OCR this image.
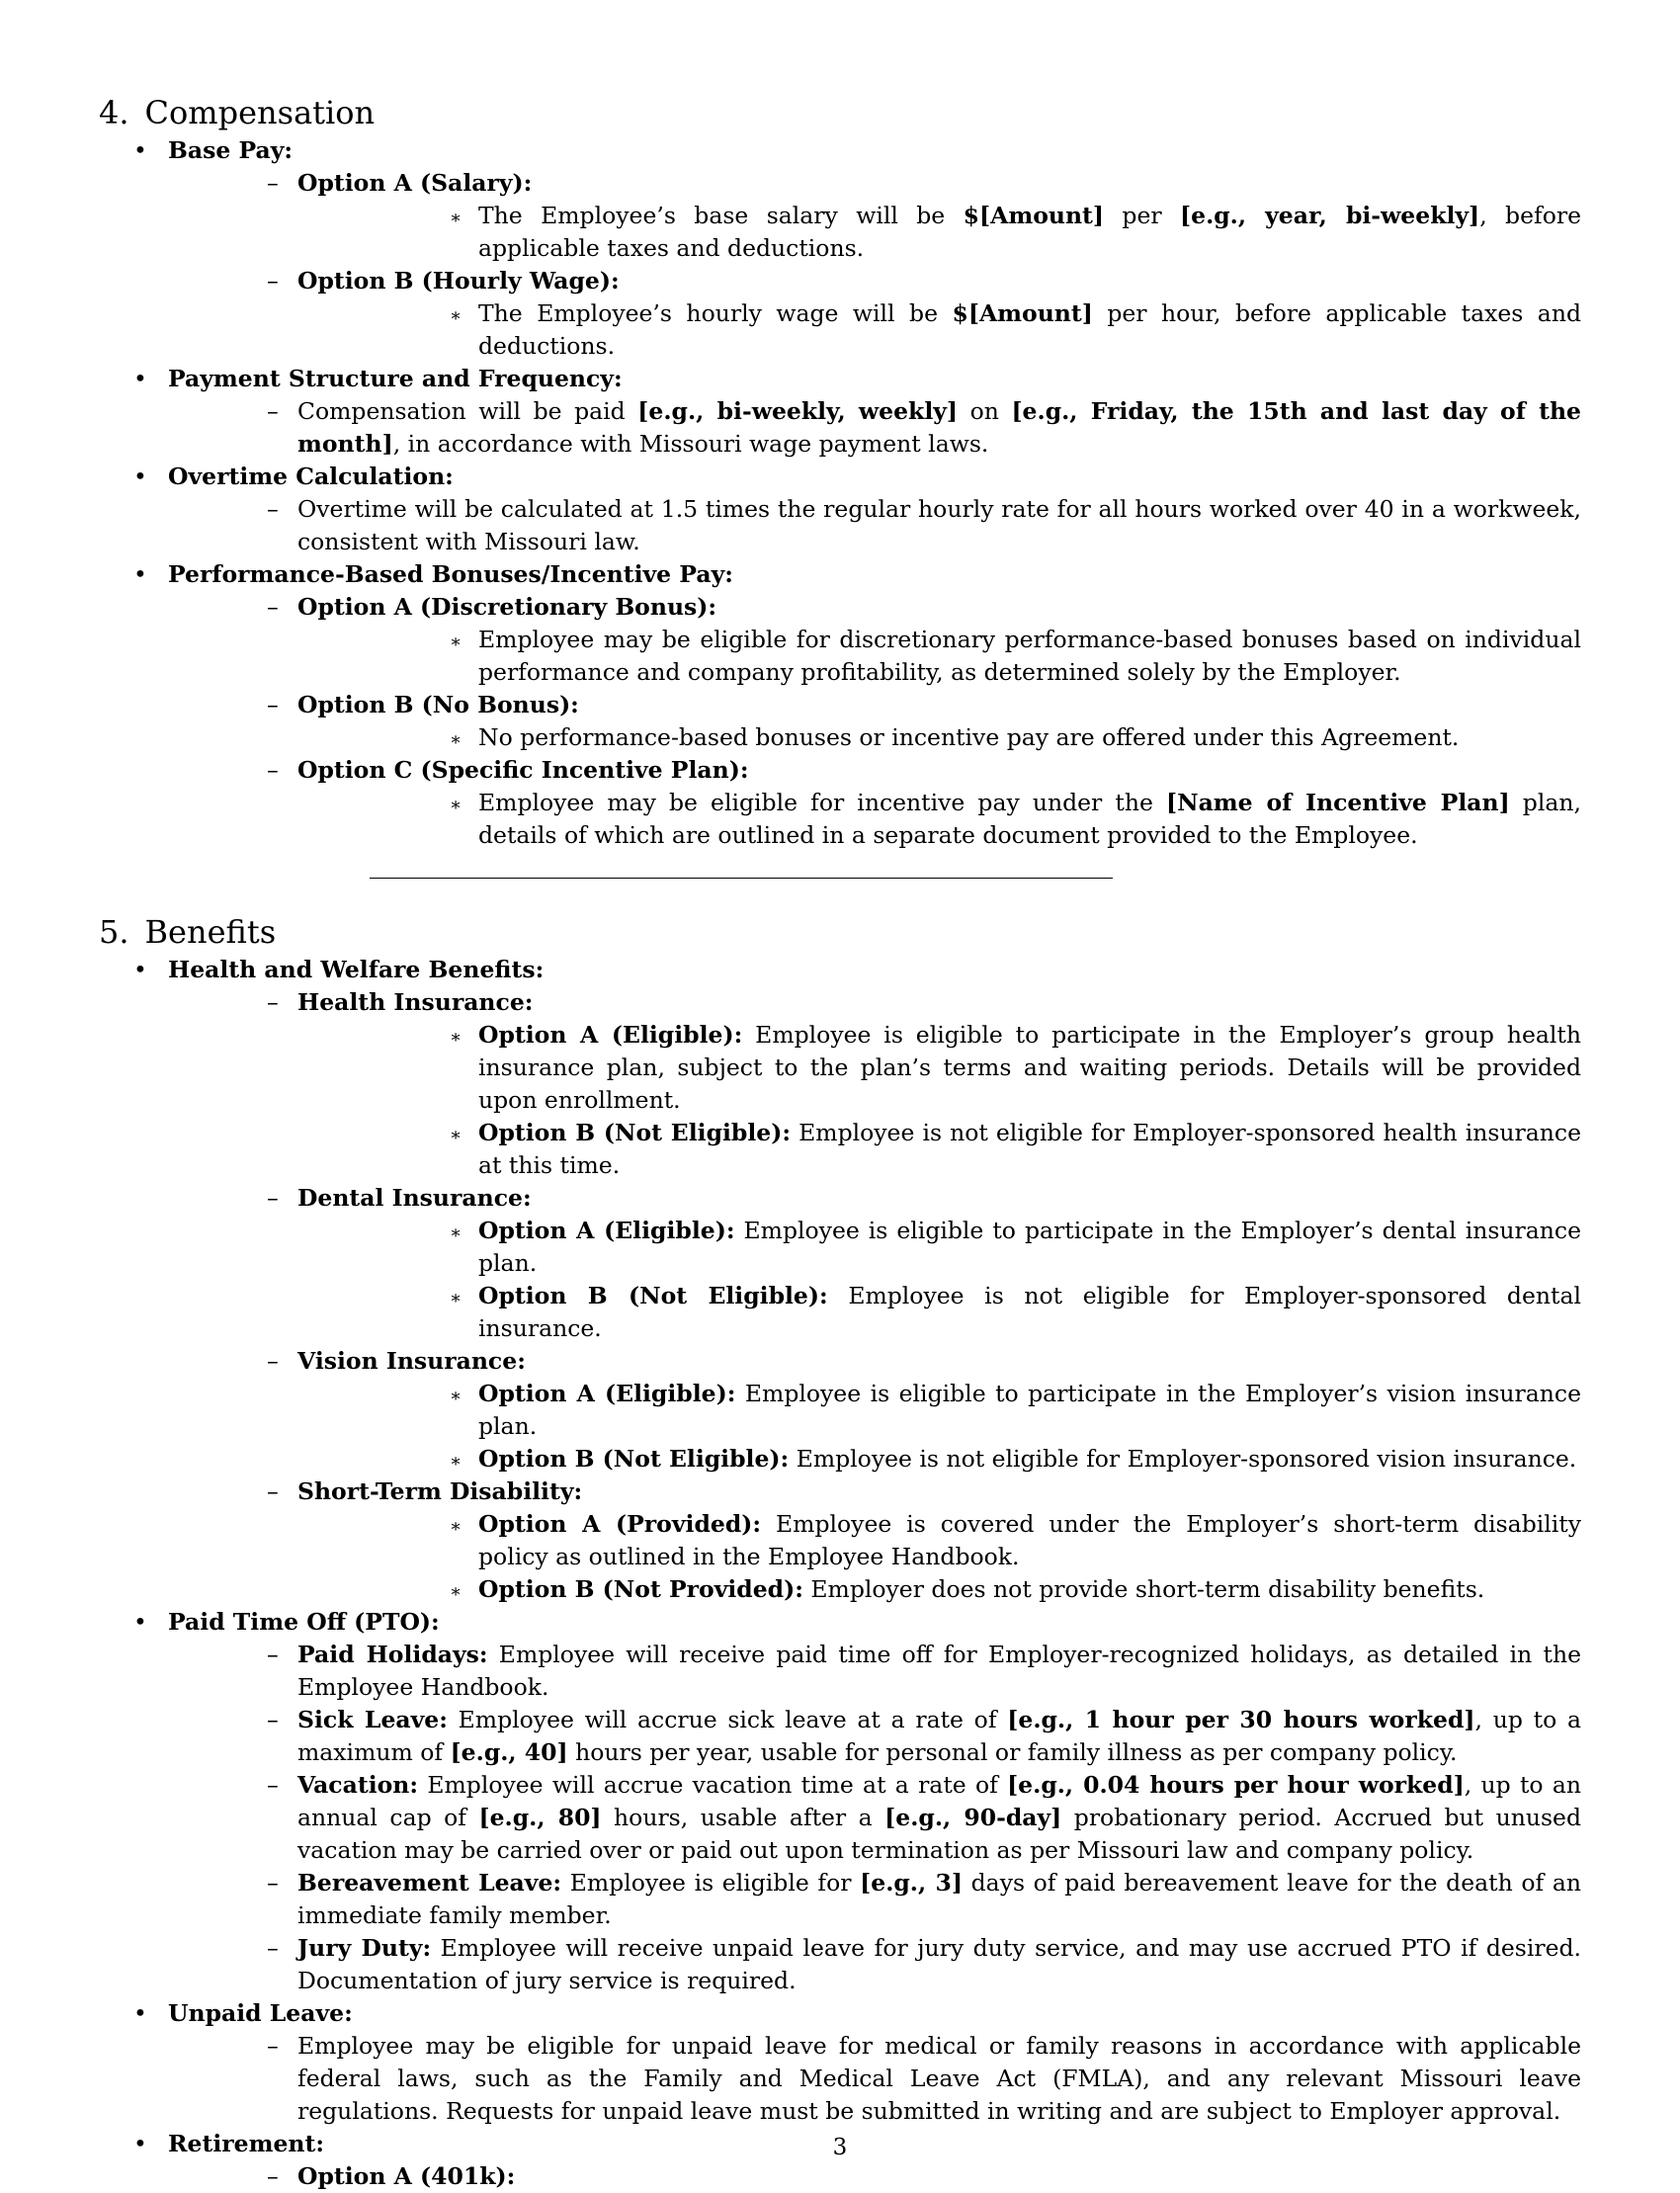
4. Compensation
• Base Pay:
– Option A (Salary):
∗ The Employee’s base salary will be $[Amount] per [e.g., year, bi-weekly], before applicable taxes and deductions.
– Option B (Hourly Wage):
∗ The Employee’s hourly wage will be $[Amount] per hour, before applicable taxes and deductions.
• Payment Structure and Frequency:
– Compensation will be paid [e.g., bi-weekly, weekly] on [e.g., Friday, the 15th and last day of the month], in accordance with Missouri wage payment laws.
• Overtime Calculation:
– Overtime will be calculated at 1.5 times the regular hourly rate for all hours worked over 40 in a workweek, consistent with Missouri law.
• Performance-Based Bonuses/Incentive Pay:
– Option A (Discretionary Bonus):
∗ Employee may be eligible for discretionary performance-based bonuses based on individual performance and company profitability, as determined solely by the Employer.
– Option B (No Bonus):
∗ No performance-based bonuses or incentive pay are offered under this Agreement.
– Option C (Specific Incentive Plan):
∗ Employee may be eligible for incentive pay under the [Name of Incentive Plan] plan, details of which are outlined in a separate document provided to the Employee.
5. Benefits
• Health and Welfare Benefits:
– Health Insurance:
∗ Option A (Eligible): Employee is eligible to participate in the Employer’s group health insurance plan, subject to the plan’s terms and waiting periods. Details will be provided upon enrollment.
∗ Option B (Not Eligible): Employee is not eligible for Employer-sponsored health insurance at this time.
– Dental Insurance:
∗ Option A (Eligible): Employee is eligible to participate in the Employer’s dental insurance plan.
∗ Option B (Not Eligible): Employee is not eligible for Employer-sponsored dental insurance.
– Vision Insurance:
∗ Option A (Eligible): Employee is eligible to participate in the Employer’s vision insurance plan.
∗ Option B (Not Eligible): Employee is not eligible for Employer-sponsored vision insurance.
– Short-Term Disability:
∗ Option A (Provided): Employee is covered under the Employer’s short-term disability policy as outlined in the Employee Handbook.
∗ Option B (Not Provided): Employer does not provide short-term disability benefits.
• Paid Time Off (PTO):
– Paid Holidays: Employee will receive paid time off for Employer-recognized holidays, as detailed in the Employee Handbook.
– Sick Leave: Employee will accrue sick leave at a rate of [e.g., 1 hour per 30 hours worked], up to a maximum of [e.g., 40] hours per year, usable for personal or family illness as per company policy.
– Vacation: Employee will accrue vacation time at a rate of [e.g., 0.04 hours per hour worked], up to an annual cap of [e.g., 80] hours, usable after a [e.g., 90-day] probationary period. Accrued but unused vacation may be carried over or paid out upon termination as per Missouri law and company policy.
– Bereavement Leave: Employee is eligible for [e.g., 3] days of paid bereavement leave for the death of an immediate family member.
– Jury Duty: Employee will receive unpaid leave for jury duty service, and may use accrued PTO if desired. Documentation of jury service is required.
• Unpaid Leave:
– Employee may be eligible for unpaid leave for medical or family reasons in accordance with applicable federal laws, such as the Family and Medical Leave Act (FMLA), and any relevant Missouri leave regulations. Requests for unpaid leave must be submitted in writing and are subject to Employer approval.
• Retirement:
– Option A (401k):
3
